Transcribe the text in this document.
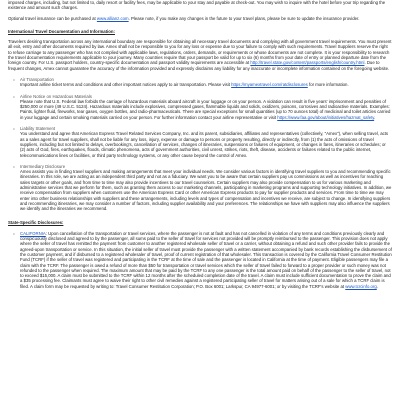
imposed charges, including, but not limited to, daily resort or facility fees, may be applicable to your stay and payable at check-out. You may wish to inquire with the hotel before your trip regarding the existence and amount such charges.

Optional travel insurance can be purchased at www.allianz.com. Please note, if you make any changes in the future to your travel plans, please be sure to update the insurance provider.

International Travel Documentation and Information:

Travelers desiring transportation across any international boundary are responsible for obtaining all necessary travel documents and complying with all government travel requirements. You must present all exit, entry and other documents required by law. Amex shall not be responsible to you for any loss or expense due to your failure to comply with such requirements. Travel Suppliers reserve the right to refuse carriage to any passenger who has not complied with applicable laws, regulations, orders, demands, or requirements or whose documents are not complete. It is your responsibility to research the travel documentation requirements applicable to your journey. Many countries require that your passport be valid for up to six (6) months from your date of entry or planned departure date from the foreign country. For U.S. passport holders, country-specific documentation and passport validity requirements are accessible at http://travel.state.gov/content/passports/english/country.html. Due to frequent changes, Amex cannot guarantee the accuracy of the information provided and expressly disclaims any liability for any inaccurate or incomplete information contained on the foregoing website.

•	Air Transportation

Important airline ticket terms and conditions and other important notices apply to air transportation. Please visit https://myamextravel.com/ratdisclosures for more information.

•	Airline Notice on Hazardous Materials

Please note that U.S. Federal law forbids the carriage of hazardous materials aboard aircraft in your luggage or on your person. A violation can result in five years' imprisonment and penalties of $250,000 or more (49 U.S.C. 5124). Hazardous materials include explosives, compressed gases, flammable liquids and solids, oxidizers, poisons, corrosives and radioactive materials. Examples: Paints, lighter fluid, fireworks, tear gases, oxygen bottles, and radio-pharmaceuticals. There are special exceptions for small quantities (up to 70 ounces total) of medicinal and toilet articles carried in your luggage and certain smoking materials carried on your person. For further information contact your airline representative or visit https://www.faa.gov/about/initiatives/hazmat_safety.

•	Liability Statement

You understand and agree that American Express Travel Related Services Company, Inc. and its parent, subsidiaries, affiliates and representatives (collectively, "Amex"), when selling travel, acts as a sales agent for travel suppliers, shall not be liable for any loss, injury, expense or damage to persons or property resulting, directly or indirectly, from (1) the acts of omissions of travel suppliers, including but not limited to delays, overbooking's, cancellation of services, changes of itineraries, suspensions or failures of equipment, or changes in fares, itineraries or schedules; or (2) acts of God, fires, earthquakes, floods, climatic phenomena, acts of government authorities, civil unrest, strikes, riots, theft, disease, accidents or failures related to the public internet, telecommunications lines or facilities, or third party technology systems, or any other cause beyond the control of Amex.

•	Intermediary Disclosure

Amex assists you in finding travel suppliers and making arrangements that meet your individual needs. We consider various factors in identifying travel suppliers to you and recommending specific itineraries. In this role, we are acting as an independent third party and not as a fiduciary. We want you to be aware that certain suppliers pay us commissions as well as incentives for reaching sales targets or other goals, and from time to time may also provide incentives to our travel counselors. Certain suppliers may also provide compensation to us for various marketing and administrative services that we perform for them, such as granting them access to our marketing channels, participating in marketing programs and supporting technology initiatives. In addition, we receive compensation from suppliers when customers use the American Express Card or other American Express products to pay for supplier products and services. From time to time we may enter into other business relationships with suppliers and these arrangements, including levels and types of compensation and incentives we receive, are subject to change. In identifying suppliers and recommending itineraries, we may consider a number of factors, including supplier availability and your preferences. The relationships we have with suppliers may also influence the suppliers we identify and the itineraries we recommend.

State-Specific Disclosures:

•	CALIFORNIA: Upon cancellation of the transportation or travel services, where the passenger is not at fault and has not cancelled in violation of any terms and conditions previously clearly and conspicuously disclosed and agreed to by the passenger, all sums paid to the seller of travel for services not provided will be promptly reimbursed to the passenger. This provision does not apply where the seller of travel has remitted the payment from customer to another registered wholesale seller of travel or a carrier, without obtaining a refund and such other provider fails to provide the agreed-upon transportation or service. In this situation, the initial seller of travel must provide the passenger with a written statement accompanied by bank records establishing the disbursement of the customer payment, and if disbursed to a registered wholesaler of travel, proof of current registration of that wholesaler. This transaction is covered by the California Travel Consumer Restitution Fund (TCRF) if the seller of travel was registered and participating in the TCRF at the time of sale and the passenger is located in California at the time of payment. Eligible passengers may file a claim with the TCRF. The passenger is owed a refund of more than $50 for transportation or travel services which the seller of travel failed to forward to a proper provider or such money was not refunded to the passenger when required. The maximum amount that may be paid by the TCRF to any one passenger is the total amount paid on behalf of the passenger to the seller of travel, not to exceed $15,000. A claim must be submitted to the TCRF within 12 months after the scheduled completion date of the travel. A claim must include sufficient documentation to prove the claim and a $35 processing fee. Claimants must agree to waive their right to other civil remedies against a registered participating seller of travel for matters arising out of a sale for which a TCRF claim is filed. A claim form may be requested by writing to: Travel Consumer Restitution Corporation; P.O. Box 6001; Larkspur, CA 94977-6001; or by visiting the TCRF's website at www.tcrcinfo.org.
